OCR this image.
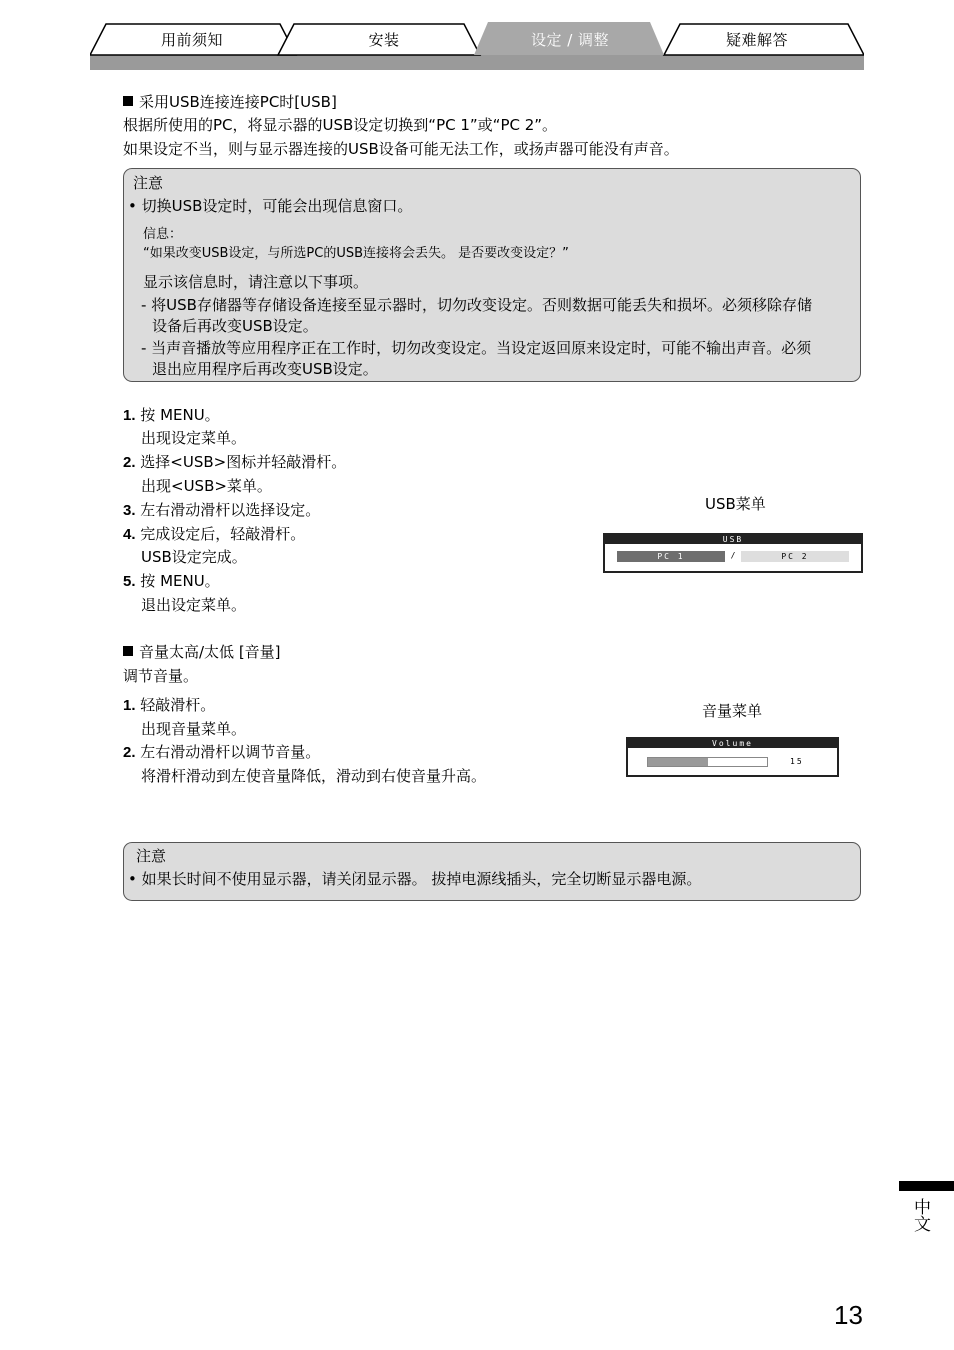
用前须知	安装	设定 / 调整	疑难解答
采用USB连接连接PC时[USB]
根据所使用的PC，将显示器的USB设定切换到“PC 1”或“PC 2”。
如果设定不当，则与显示器连接的USB设备可能无法工作，或扬声器可能没有声音。
注意
• 切换USB设定时，可能会出现信息窗口。
信息：
“如果改变USB设定，与所选PC的USB连接将会丢失。 是否要改变设定？”
显示该信息时，请注意以下事项。
- 将USB存储器等存储设备连接至显示器时，切勿改变设定。否则数据可能丢失和损坏。必须移除存储
设备后再改变USB设定。
- 当声音播放等应用程序正在工作时，切勿改变设定。当设定返回原来设定时，可能不输出声音。必须
退出应用程序后再改变USB设定。
1. 按 MENU。
出现设定菜单。
2. 选择<USB>图标并轻敲滑杆。
出现<USB>菜单。
3. 左右滑动滑杆以选择设定。
4. 完成设定后，轻敲滑杆。
USB设定完成。
5. 按 MENU。
退出设定菜单。
USB菜单
USB
PC 1	/	PC 2
音量太高/太低 [音量]
调节音量。
1. 轻敲滑杆。
出现音量菜单。
2. 左右滑动滑杆以调节音量。
将滑杆滑动到左使音量降低，滑动到右使音量升高。
音量菜单
Volume
15
注意
• 如果长时间不使用显示器，请关闭显示器。 拔掉电源线插头，完全切断显示器电源。
中文
13
